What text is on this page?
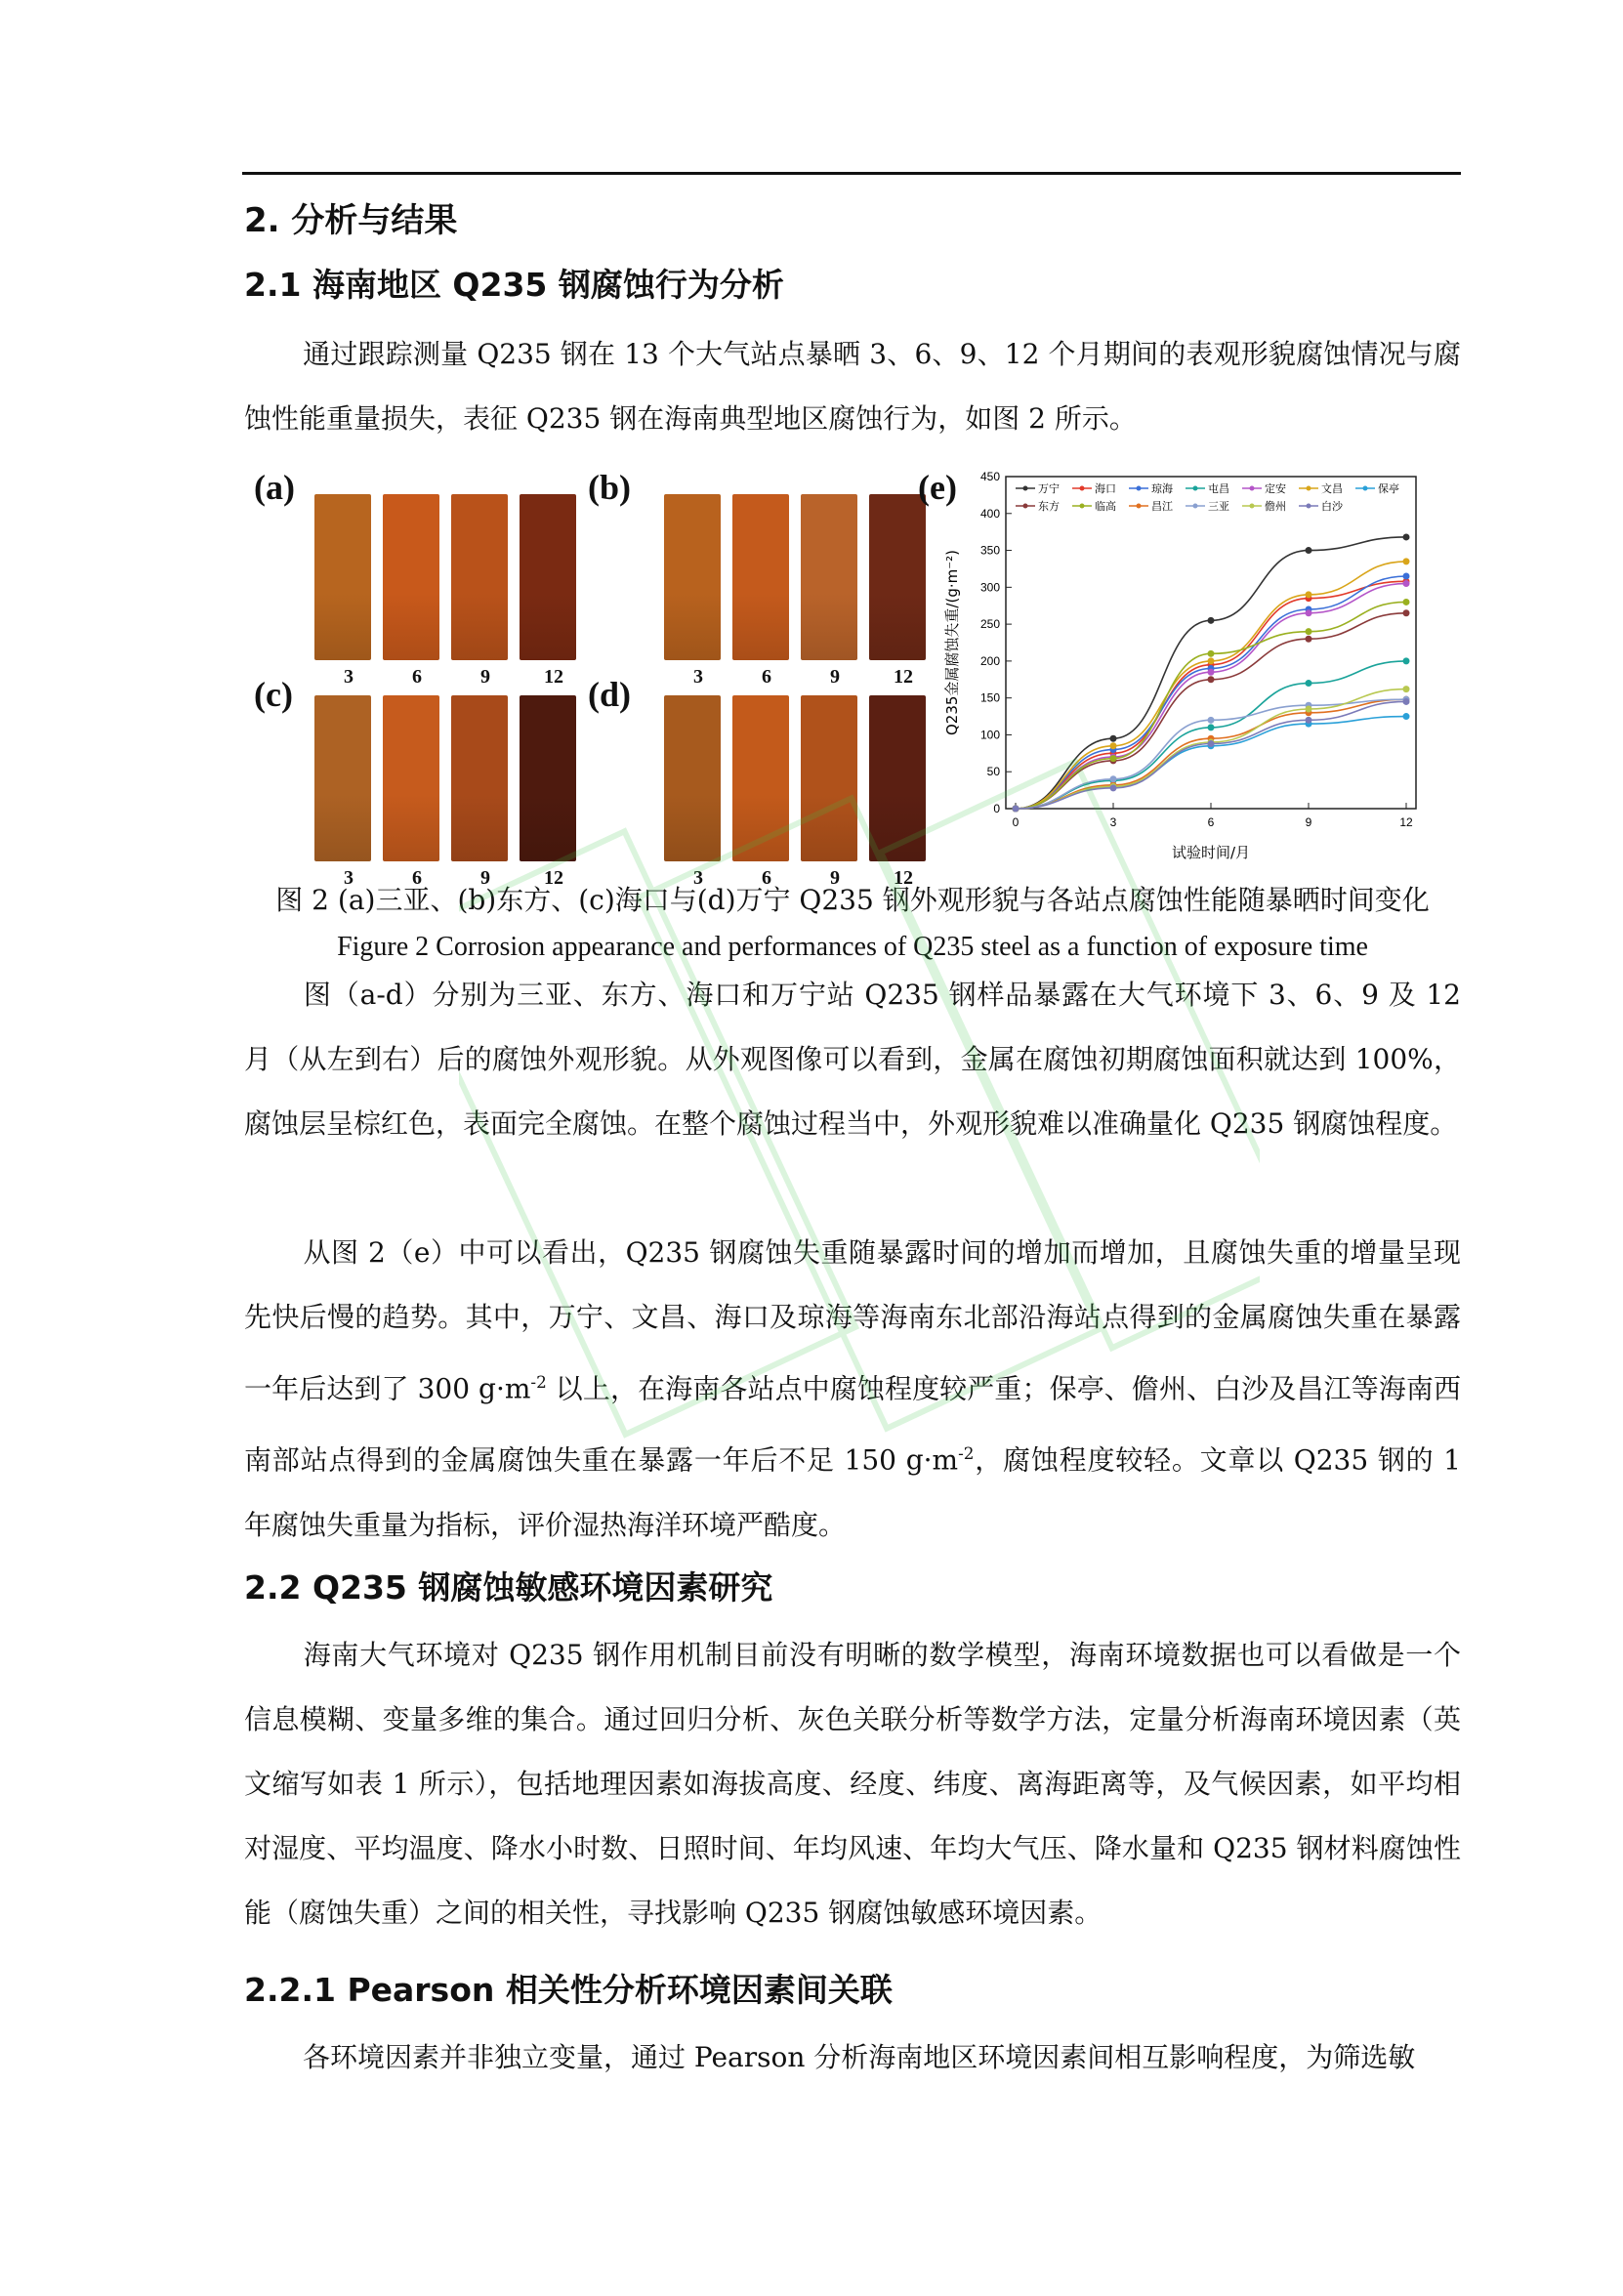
2. 分析与结果
2.1 海南地区 Q235 钢腐蚀行为分析
通过跟踪测量 Q235 钢在 13 个大气站点暴晒 3、6、9、12 个月期间的表观形貌腐蚀情况与腐蚀性能重量损失，表征 Q235 钢在海南典型地区腐蚀行为，如图 2 所示。
(a)
3	6	9	12
(b)
3	6	9	12
(c)
3	6	9	12
(d)
3	6	9	12
(e)
0
50
100
150
200
250
300
350
400
450
0	3	6	9	12
试验时间/月
Q235金属腐蚀失重/(g·m⁻²)
万宁	海口	琼海	屯昌	定安	文昌	保亭
东方	临高	昌江	三亚	儋州	白沙
图 2 (a)三亚、(b)东方、(c)海口与(d)万宁 Q235 钢外观形貌与各站点腐蚀性能随暴晒时间变化
Figure 2 Corrosion appearance and performances of Q235 steel as a function of exposure time
图（a-d）分别为三亚、东方、海口和万宁站 Q235 钢样品暴露在大气环境下 3、6、9 及 12 月（从左到右）后的腐蚀外观形貌。从外观图像可以看到，金属在腐蚀初期腐蚀面积就达到 100%，腐蚀层呈棕红色，表面完全腐蚀。在整个腐蚀过程当中，外观形貌难以准确量化 Q235 钢腐蚀程度。
从图 2（e）中可以看出，Q235 钢腐蚀失重随暴露时间的增加而增加，且腐蚀失重的增量呈现先快后慢的趋势。其中，万宁、文昌、海口及琼海等海南东北部沿海站点得到的金属腐蚀失重在暴露一年后达到了 300 $g\cdot m^{-2}$ 以上，在海南各站点中腐蚀程度较严重；保亭、儋州、白沙及昌江等海南西南部站点得到的金属腐蚀失重在暴露一年后不足 150 $g\cdot m^{-2}$，腐蚀程度较轻。文章以 Q235 钢的 1 年腐蚀失重量为指标，评价湿热海洋环境严酷度。
2.2 Q235 钢腐蚀敏感环境因素研究
海南大气环境对 Q235 钢作用机制目前没有明晰的数学模型，海南环境数据也可以看做是一个信息模糊、变量多维的集合。通过回归分析、灰色关联分析等数学方法，定量分析海南环境因素（英文缩写如表 1 所示），包括地理因素如海拔高度、经度、纬度、离海距离等，及气候因素，如平均相对湿度、平均温度、降水小时数、日照时间、年均风速、年均大气压、降水量和 Q235 钢材料腐蚀性能（腐蚀失重）之间的相关性，寻找影响 Q235 钢腐蚀敏感环境因素。
2.2.1 Pearson 相关性分析环境因素间关联
各环境因素并非独立变量，通过 Pearson 分析海南地区环境因素间相互影响程度，为筛选敏
